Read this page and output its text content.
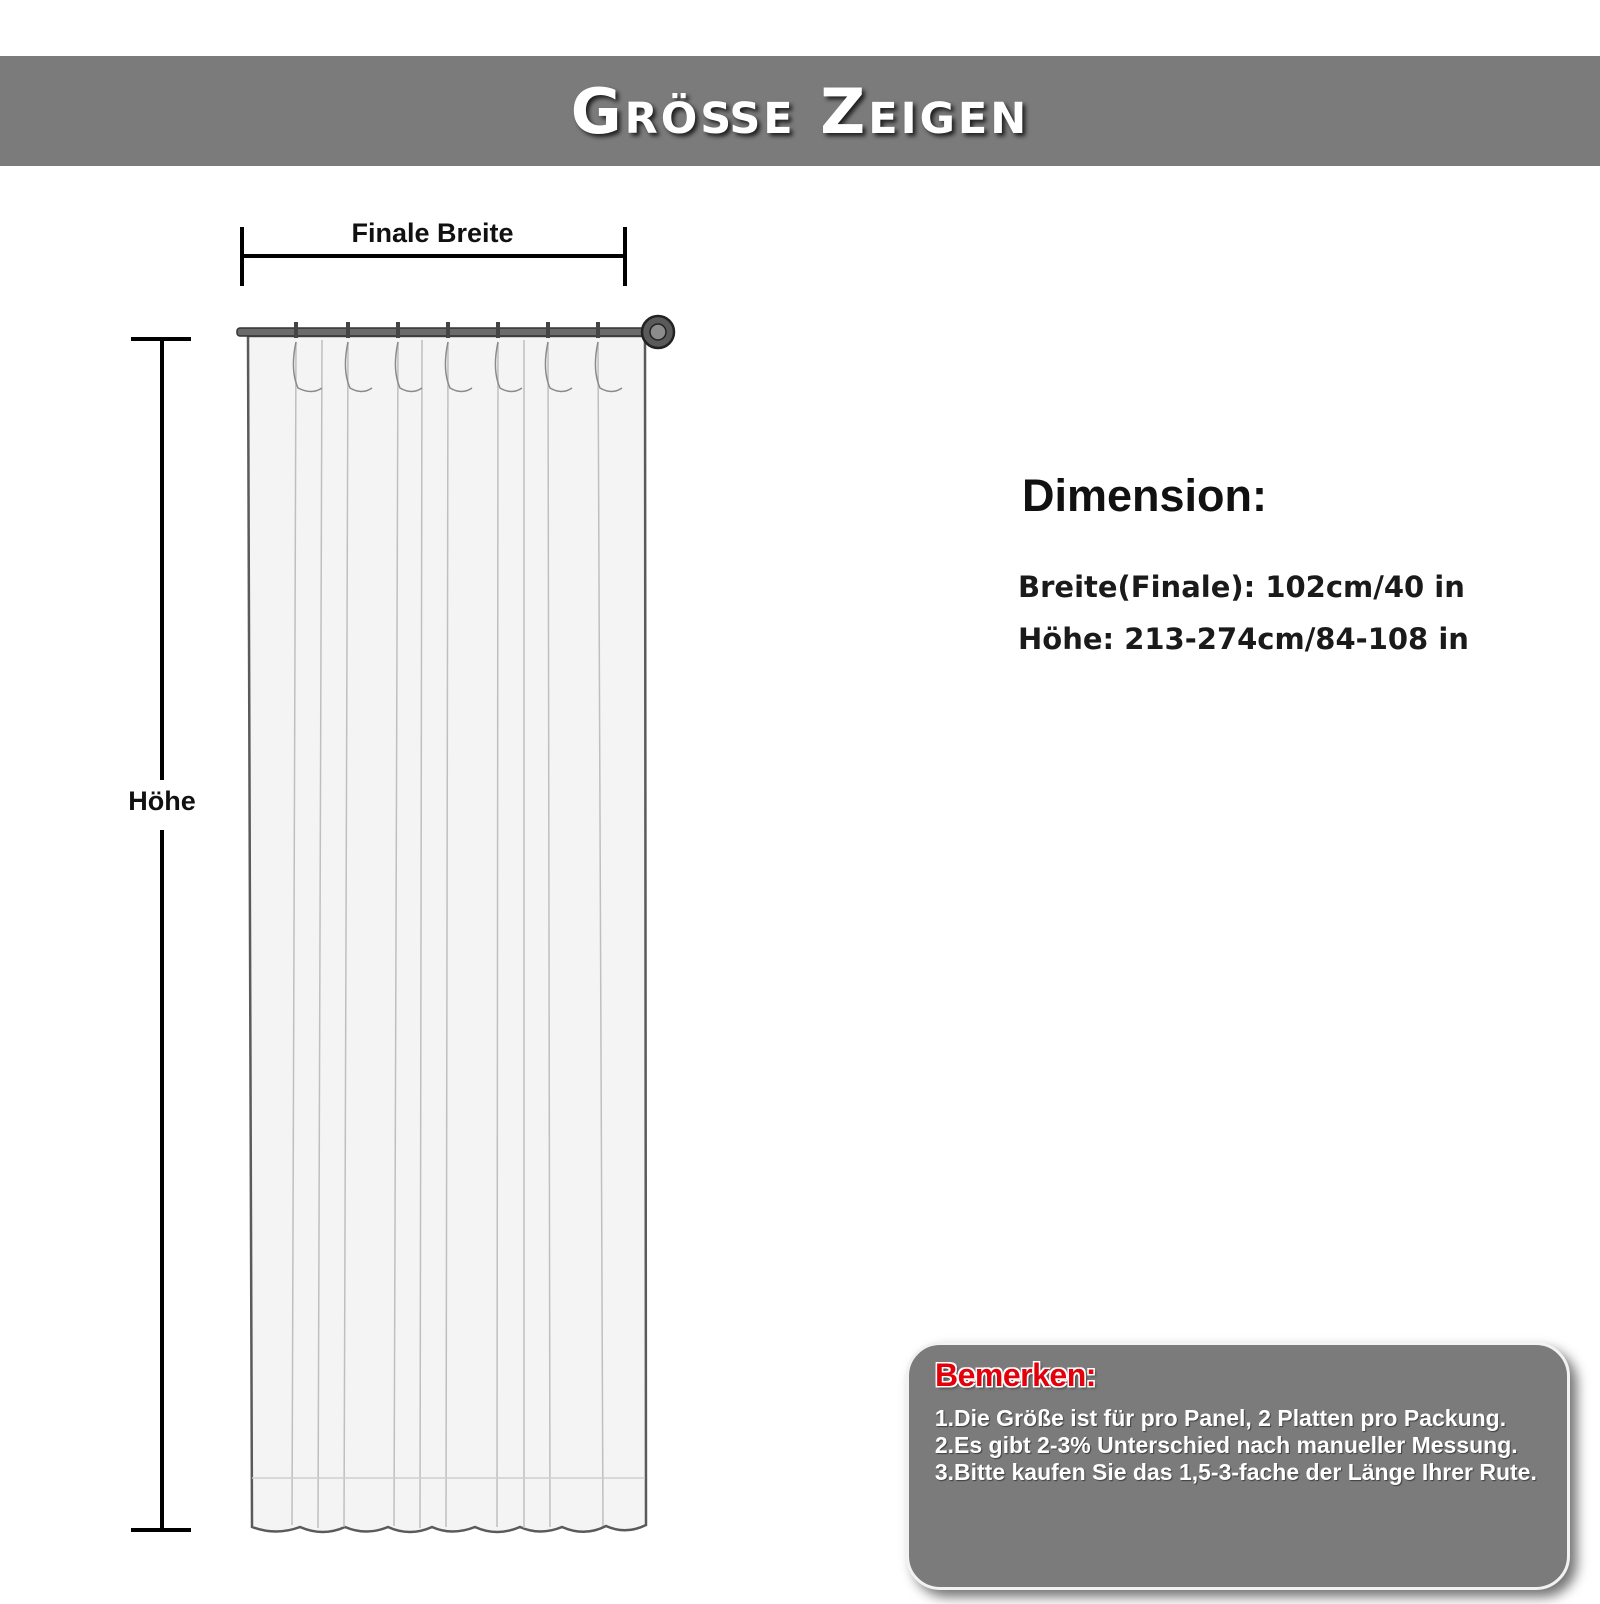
Größe Zeigen
Finale Breite
Höhe
Dimension:
Breite(Finale): 102cm/40 in
Höhe: 213-274cm/84-108 in
Bemerken:
1. Die Größe ist für pro Panel, 2 Platten pro Packung.
2. Es gibt 2-3% Unterschied nach manueller Messung.
3. Bitte kaufen Sie das 1,5-3-fache der Länge Ihrer Rute.
